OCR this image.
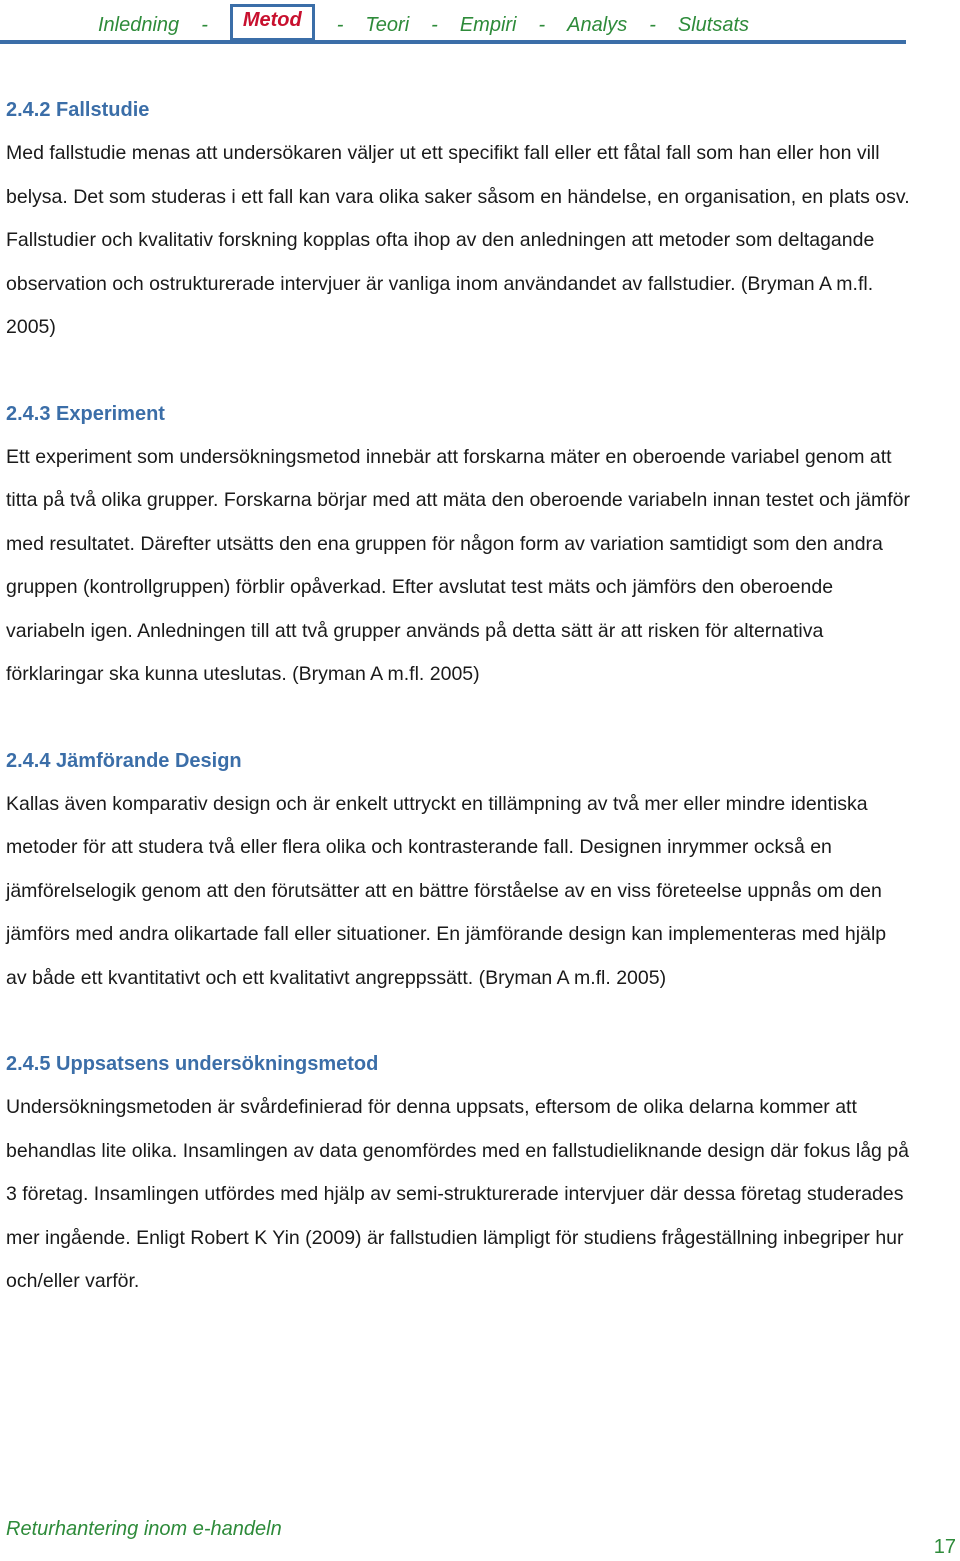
Inledning -	Metod	- Teori - Empiri - Analys - Slutsats
2.4.2 Fallstudie

Med fallstudie menas att undersökaren väljer ut ett specifikt fall eller ett fåtal fall som han eller hon vill belysa. Det som studeras i ett fall kan vara olika saker såsom en händelse, en organisation, en plats osv. Fallstudier och kvalitativ forskning kopplas ofta ihop av den anledningen att metoder som deltagande observation och ostrukturerade intervjuer är vanliga inom användandet av fallstudier. (Bryman A m.fl. 2005)

2.4.3 Experiment

Ett experiment som undersökningsmetod innebär att forskarna mäter en oberoende variabel genom att titta på två olika grupper. Forskarna börjar med att mäta den oberoende variabeln innan testet och jämför med resultatet. Därefter utsätts den ena gruppen för någon form av variation samtidigt som den andra gruppen (kontrollgruppen) förblir opåverkad. Efter avslutat test mäts och jämförs den oberoende variabeln igen. Anledningen till att två grupper används på detta sätt är att risken för alternativa förklaringar ska kunna uteslutas. (Bryman A m.fl. 2005)

2.4.4 Jämförande Design

Kallas även komparativ design och är enkelt uttryckt en tillämpning av två mer eller mindre identiska metoder för att studera två eller flera olika och kontrasterande fall. Designen inrymmer också en jämförelselogik genom att den förutsätter att en bättre förståelse av en viss företeelse uppnås om den jämförs med andra olikartade fall eller situationer. En jämförande design kan implementeras med hjälp av både ett kvantitativt och ett kvalitativt angreppssätt. (Bryman A m.fl. 2005)

2.4.5 Uppsatsens undersökningsmetod

Undersökningsmetoden är svårdefinierad för denna uppsats, eftersom de olika delarna kommer att behandlas lite olika. Insamlingen av data genomfördes med en fallstudieliknande design där fokus låg på 3 företag. Insamlingen utfördes med hjälp av semi-strukturerade intervjuer där dessa företag studerades mer ingående. Enligt Robert K Yin (2009) är fallstudien lämpligt för studiens frågeställning inbegriper hur och/eller varför.

Returhantering inom e-handeln
17
